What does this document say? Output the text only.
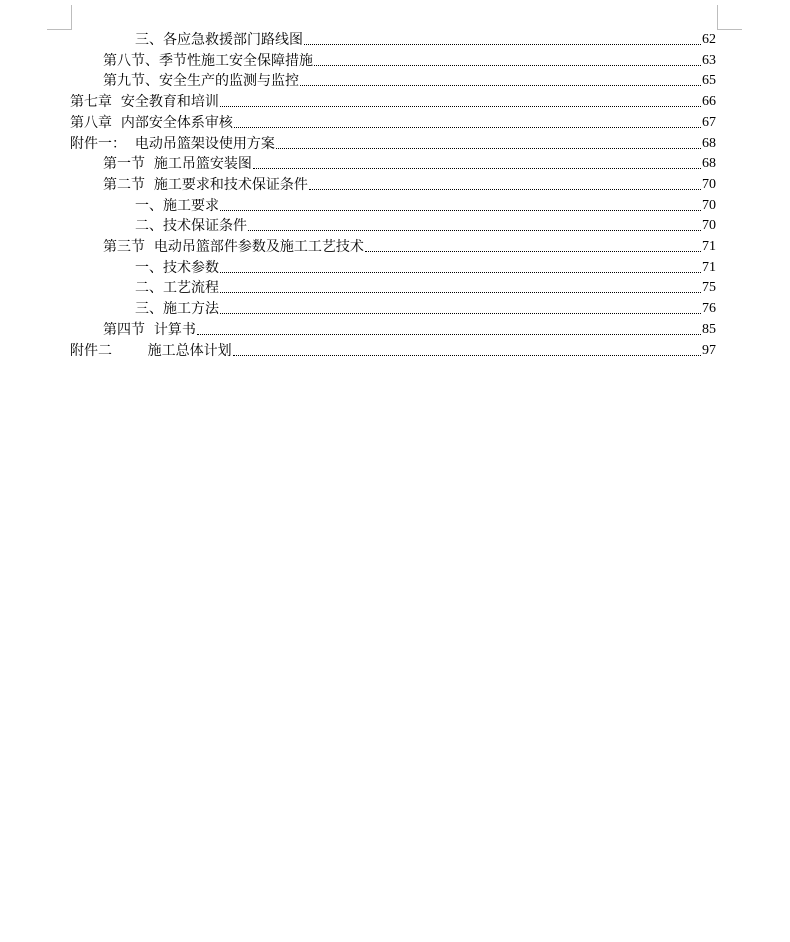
三、各应急救援部门路线图	62
第八节、季节性施工安全保障措施	63
第九节、安全生产的监测与监控	65
第七章  安全教育和培训	66
第八章  内部安全体系审核	67
附件一：  电动吊篮架设使用方案	68
第一节  施工吊篮安装图	68
第二节  施工要求和技术保证条件	70
一、施工要求	70
二、技术保证条件	70
第三节  电动吊篮部件参数及施工工艺技术	71
一、技术参数	71
二、工艺流程	75
三、施工方法	76
第四节  计算书	85
附件二        施工总体计划	97
